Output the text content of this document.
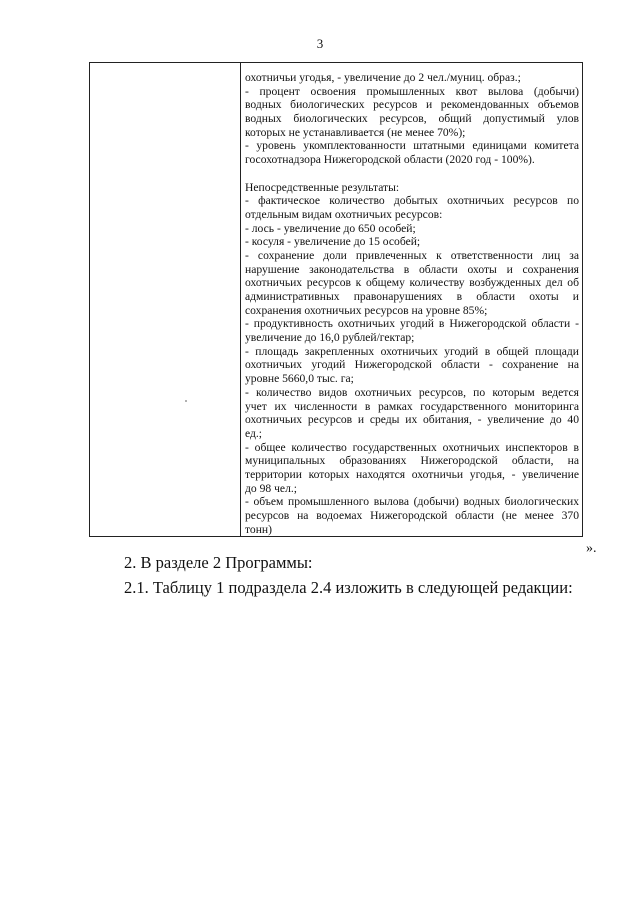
3
охотничьи угодья, - увеличение до 2 чел./муниц. образ.;
- процент освоения промышленных квот вылова (добычи)
водных биологических ресурсов и рекомендованных объемов
водных биологических ресурсов, общий допустимый улов
которых не устанавливается (не менее 70%);
- уровень укомплектованности штатными единицами комитета
госохотнадзора Нижегородской области (2020 год - 100%).
Непосредственные результаты:
- фактическое количество добытых охотничьих ресурсов по
отдельным видам охотничьих ресурсов:
- лось - увеличение до 650 особей;
- косуля - увеличение до 15 особей;
- сохранение доли привлеченных к ответственности лиц за
нарушение законодательства в области охоты и сохранения
охотничьих ресурсов к общему количеству возбужденных дел об
административных правонарушениях в области охоты и
сохранения охотничьих ресурсов на уровне 85%;
- продуктивность охотничьих угодий в Нижегородской области -
увеличение до 16,0 рублей/гектар;
- площадь закрепленных охотничьих угодий в общей площади
охотничьих угодий Нижегородской области - сохранение на
уровне 5660,0 тыс. га;
- количество видов охотничьих ресурсов, по которым ведется
учет их численности в рамках государственного мониторинга
охотничьих ресурсов и среды их обитания, - увеличение до 40
ед.;
- общее количество государственных охотничьих инспекторов в
муниципальных образованиях Нижегородской области, на
территории которых находятся охотничьи угодья, - увеличение
до 98 чел.;
- объем промышленного вылова (добычи) водных биологических
ресурсов на водоемах Нижегородской области (не менее 370
тонн)
».
2. В разделе 2 Программы:
2.1. Таблицу 1 подраздела 2.4 изложить в следующей редакции:
